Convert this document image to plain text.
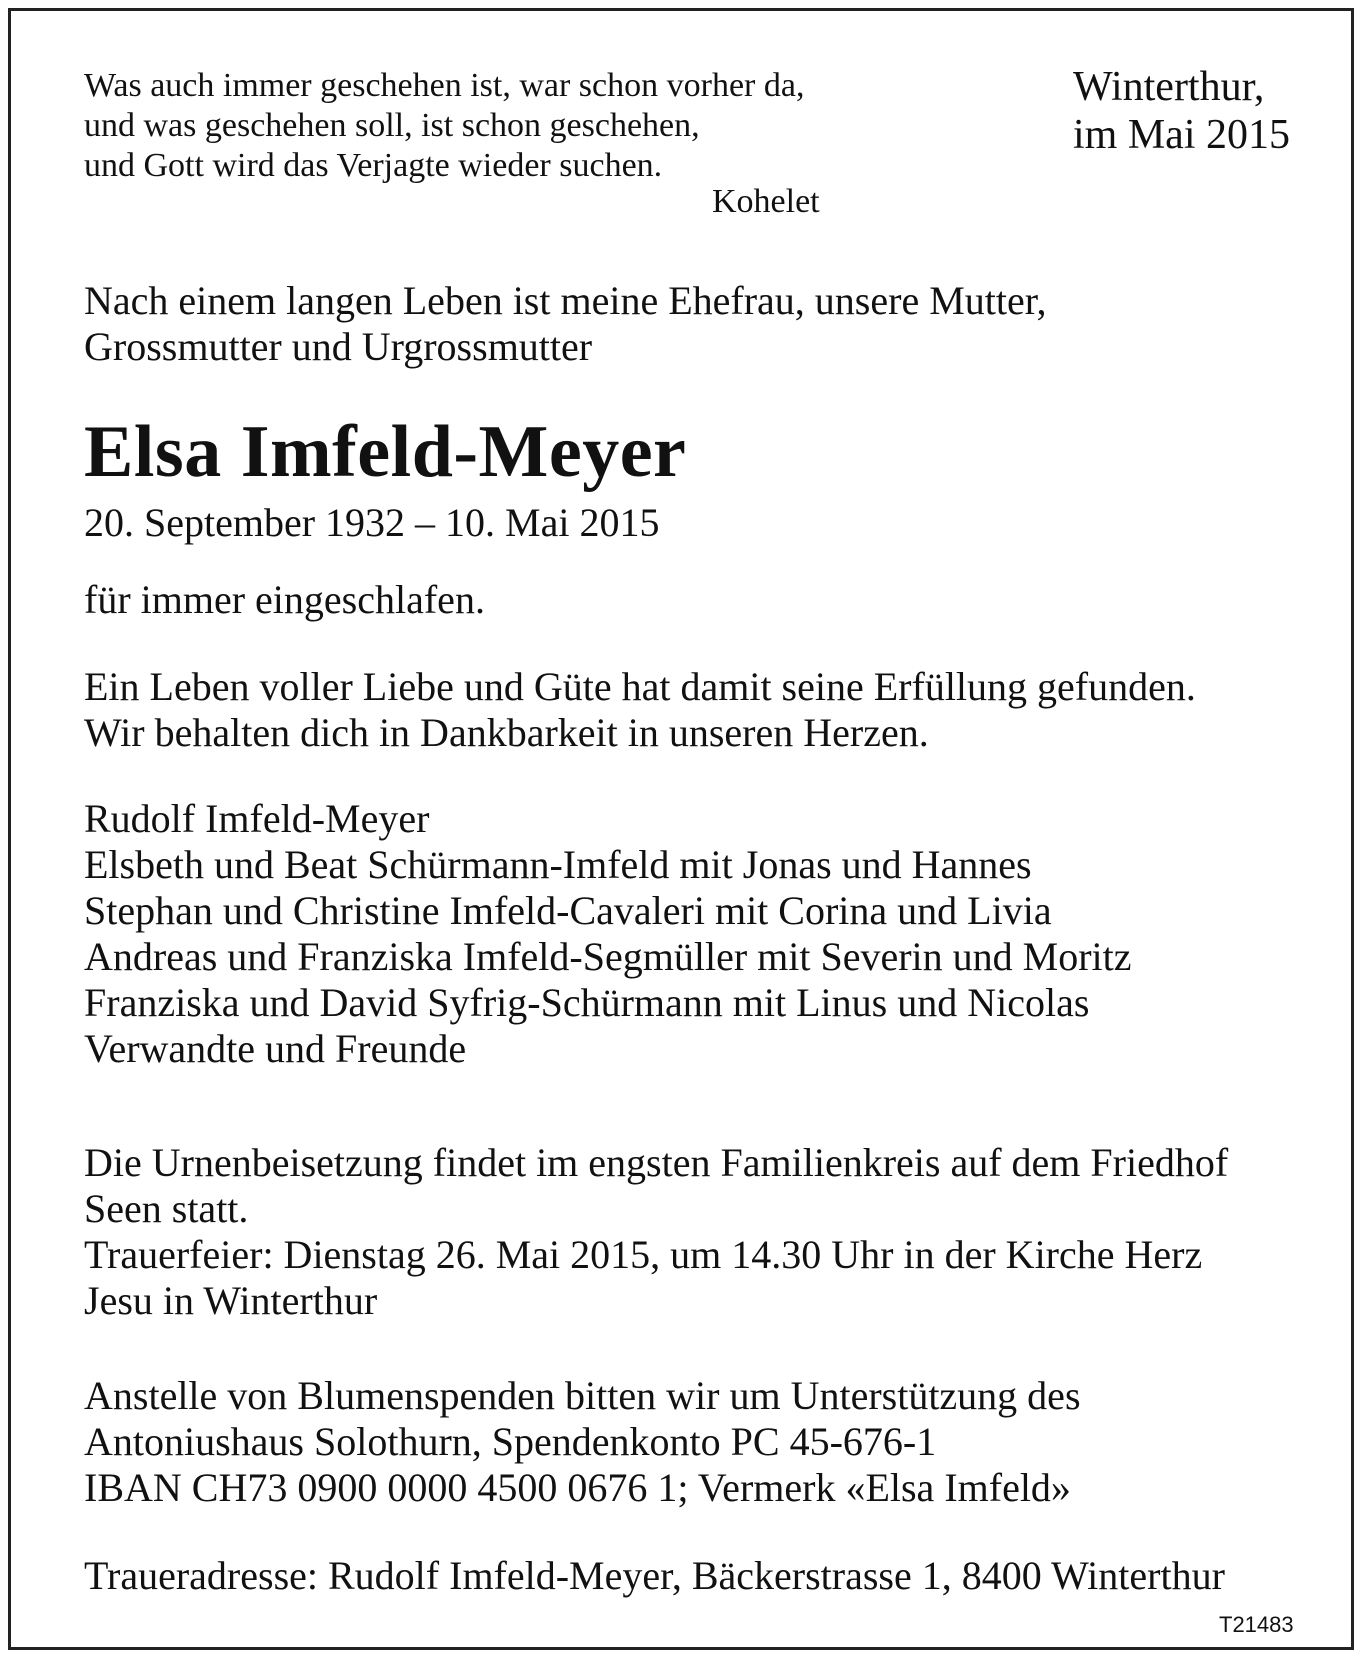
Was auch immer geschehen ist, war schon vorher da,
und was geschehen soll, ist schon geschehen,
und Gott wird das Verjagte wieder suchen.
Kohelet
Winterthur,
im Mai 2015
Nach einem langen Leben ist meine Ehefrau, unsere Mutter,
Grossmutter und Urgrossmutter
Elsa Imfeld-Meyer
20. September 1932 – 10. Mai 2015
für immer eingeschlafen.
Ein Leben voller Liebe und Güte hat damit seine Erfüllung gefunden.
Wir behalten dich in Dankbarkeit in unseren Herzen.
Rudolf Imfeld-Meyer
Elsbeth und Beat Schürmann-Imfeld mit Jonas und Hannes
Stephan und Christine Imfeld-Cavaleri mit Corina und Livia
Andreas und Franziska Imfeld-Segmüller mit Severin und Moritz
Franziska und David Syfrig-Schürmann mit Linus und Nicolas
Verwandte und Freunde
Die Urnenbeisetzung findet im engsten Familienkreis auf dem Friedhof
Seen statt.
Trauerfeier: Dienstag 26. Mai 2015, um 14.30 Uhr in der Kirche Herz
Jesu in Winterthur
Anstelle von Blumenspenden bitten wir um Unterstützung des
Antoniushaus Solothurn, Spendenkonto PC 45-676-1
IBAN CH73 0900 0000 4500 0676 1; Vermerk «Elsa Imfeld»
Traueradresse: Rudolf Imfeld-Meyer, Bäckerstrasse 1, 8400 Winterthur
T21483
